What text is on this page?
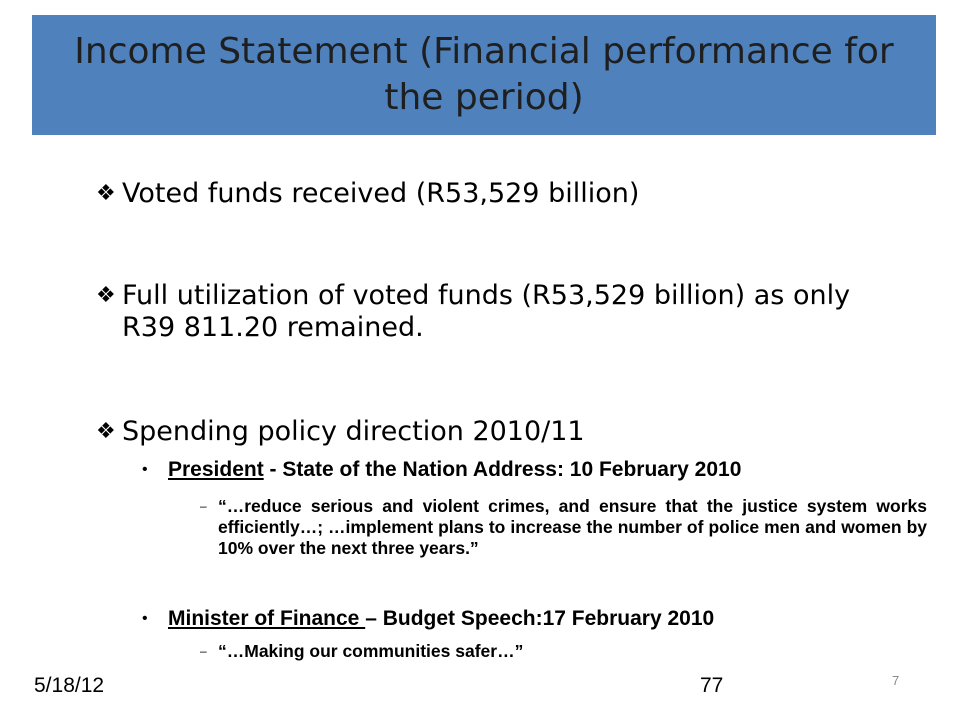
Income Statement (Financial performance for the period)
❖ Voted funds received (R53,529 billion)
❖ Full utilization of voted funds (R53,529 billion) as only R39 811.20 remained.
❖ Spending policy direction 2010/11
• President - State of the Nation Address: 10 February 2010
– “…reduce serious and violent crimes, and ensure that the justice system works efficiently…; …implement plans to increase the number of police men and women by 10% over the next three years.”
• Minister of Finance – Budget Speech:17 February 2010
– “…Making our communities safer…”
5/18/12	77	7
